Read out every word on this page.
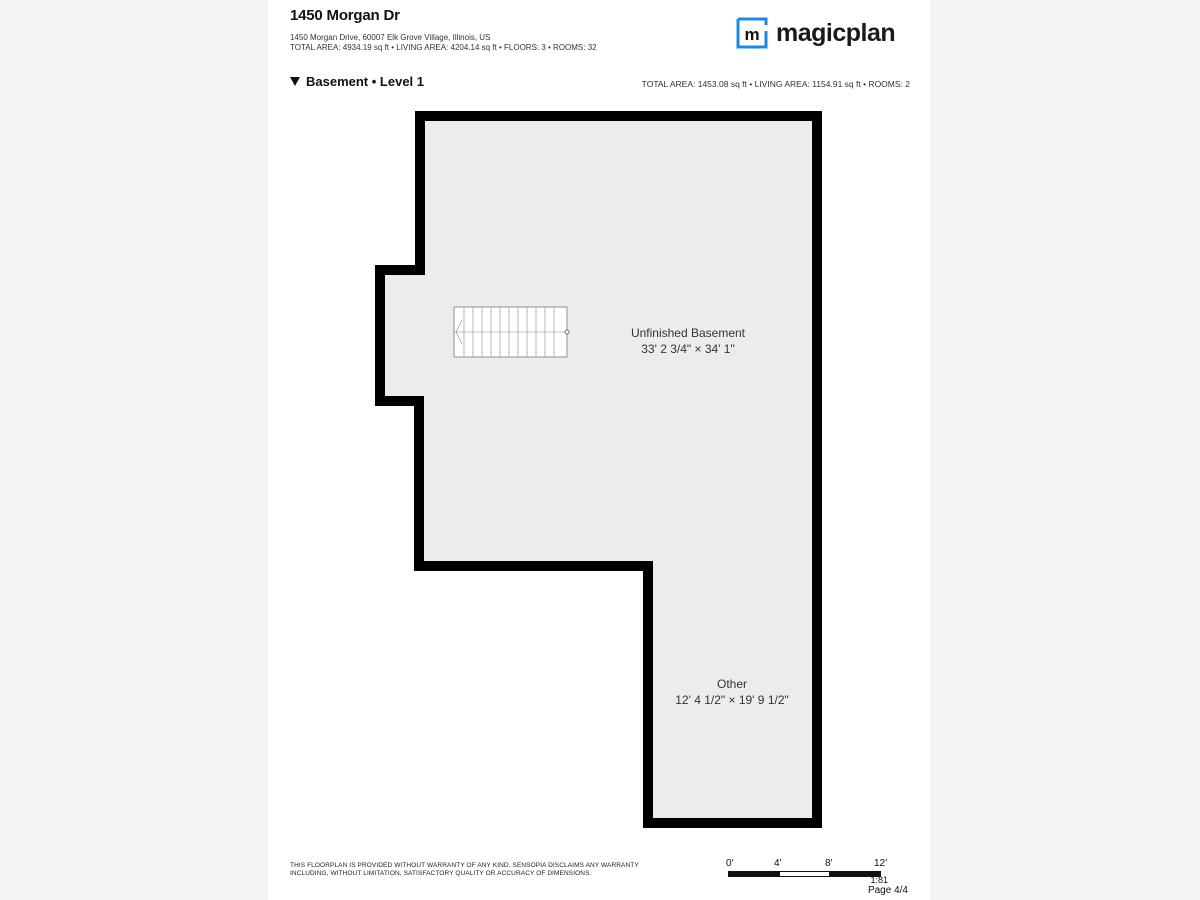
1450 Morgan Dr
1450 Morgan Drive, 60007 Elk Grove Village, Illinois, US
TOTAL AREA: 4934.19 sq ft • LIVING AREA: 4204.14 sq ft • FLOORS: 3 • ROOMS: 32
m magicplan
Basement • Level 1	TOTAL AREA: 1453.08 sq ft • LIVING AREA: 1154.91 sq ft • ROOMS: 2
Unfinished Basement
33' 2 3/4" × 34' 1"
Other
12' 4 1/2" × 19' 9 1/2"
THIS FLOORPLAN IS PROVIDED WITHOUT WARRANTY OF ANY KIND. SENSOPIA DISCLAIMS ANY WARRANTY
INCLUDING, WITHOUT LIMITATION, SATISFACTORY QUALITY OR ACCURACY OF DIMENSIONS.
0'	4'	8'	12'
1:81
Page 4/4
